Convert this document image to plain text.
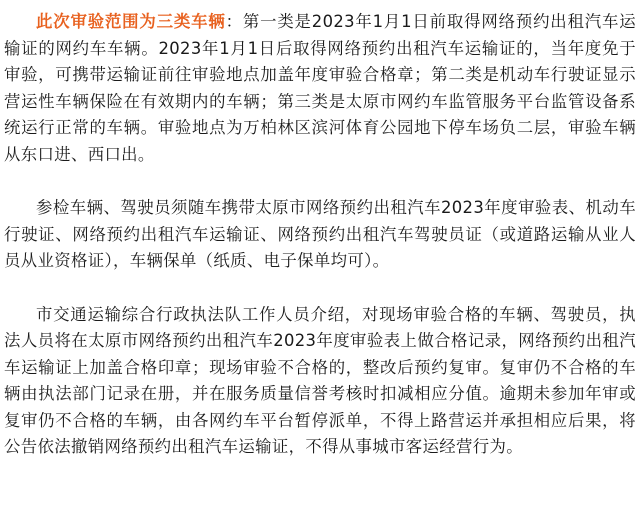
此次审验范围为三类车辆：第一类是2023年1月1日前取得网络预约出租汽车运输证的网约车车辆。2023年1月1日后取得网络预约出租汽车运输证的，当年度免于审验，可携带运输证前往审验地点加盖年度审验合格章；第二类是机动车行驶证显示营运性车辆保险在有效期内的车辆；第三类是太原市网约车监管服务平台监管设备系统运行正常的车辆。审验地点为万柏林区滨河体育公园地下停车场负二层，审验车辆从东口进、西口出。

参检车辆、驾驶员须随车携带太原市网络预约出租汽车2023年度审验表、机动车行驶证、网络预约出租汽车运输证、网络预约出租汽车驾驶员证（或道路运输从业人员从业资格证），车辆保单（纸质、电子保单均可）。

市交通运输综合行政执法队工作人员介绍，对现场审验合格的车辆、驾驶员，执法人员将在太原市网络预约出租汽车2023年度审验表上做合格记录，网络预约出租汽车运输证上加盖合格印章；现场审验不合格的，整改后预约复审。复审仍不合格的车辆由执法部门记录在册，并在服务质量信誉考核时扣减相应分值。逾期未参加年审或复审仍不合格的车辆，由各网约车平台暂停派单，不得上路营运并承担相应后果，将公告依法撤销网络预约出租汽车运输证，不得从事城市客运经营行为。
